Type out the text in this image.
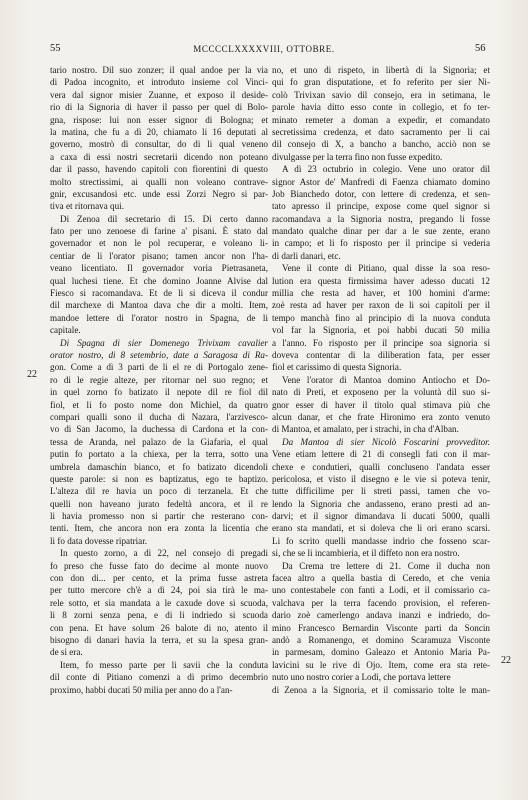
55	MCCCCLXXXXVIII, OTTOBRE.	56
22
22
tario nostro. Dil suo zonzer; il qual andoe per la via
di Padoa incognito, et introduto insieme col Vinci-
vera dal signor misier Zuanne, et exposo il deside-
rio di la Signoria di haver il passo per quel di Bolo-
gna, rispose: lui non esser signor di Bologna; et
la matina, che fu a dì 20, chiamato li 16 deputati al
governo, mostrò di consultar, do di li qual veneno
a caxa di essi nostri secretarii dicendo non poteano
dar il passo, havendo capitoli con fiorentini di questo
molto strectissimi, ai qualli non voleano contrave-
gnir, excusandosi etc. unde essi Zorzi Negro si par-
tiva et ritornava qui.
Di Zenoa dil secretario di 15. Di certo danno
fato per uno zenoese di farine a' pisani. È stato dal
governador et non le pol recuperar, e voleano li-
centiar de li l'orator pisano; tamen ancor non l'ha-
veano licentiato. Il governador voria Pietrasaneta,
qual luchesi tiene. Et che domino Joanne Alvise dal
Fiesco si racomandava. Et de li si diceva il condur
dil marchexe di Mantoa dava che dir a molti. Item,
mandoe lettere di l'orator nostro in Spagna, de li
capitale.
Di Spagna di sier Domenego Trivixam cavalier
orator nostro, di 8 setembrio, date a Saragosa di Ra-
gon. Come a dì 3 parti de li el re di Portogalo zene-
ro di le regie alteze, per ritornar nel suo regno; et
in quel zorno fo batizato il nepote dil re fiol dil
fiol, et li fo posto nome don Michiel, da quatro
compari qualli sono il ducha di Nazara, l'arzivesco-
vo di San Jacomo, la duchessa di Cardona et la con-
tessa de Aranda, nel palazo de la Giafaria, el qual
putin fo portato a la chiexa, per la terra, sotto una
umbrela damaschin bianco, et fo batizato dicendoli
queste parole: si non es baptizatus, ego te baptizo.
L'alteza dil re havia un poco di terzanela. Et che
quelli non haveano jurato fedeltà ancora, et il re
li havia promesso non si partir che resterano con-
tenti. Item, che ancora non era zonta la licentia che
li fo data dovesse ripatriar.
In questo zorno, a dì 22, nel consejo di pregadi
fo preso che fusse fato do decime al monte nuovo
con don di... per cento, et la prima fusse astreta
per tutto mercore ch'è a dì 24, poi sia tirà le ma-
rele sotto, et sia mandata a le caxude dove si scuoda,
li 8 zorni senza pena, e di li indriedo si scuoda
con pena. Et have solum 26 balote di no, atento il
bisogno di danari havia la terra, et su la spesa gran-
de si era.
Item, fo messo parte per li savii che la conduta
dil conte di Pitiano comenzi a dì primo decembrio
proximo, habbi ducati 50 milia per anno do a l'an-
no, et uno di rispeto, in libertà di la Signoria; et
qui fo gran disputatione, et fo referito per sier Ni-
colò Trivixan savio dil consejo, era in setimana, le
parole havia ditto esso conte in collegio, et fo ter-
minato remeter a doman a expedir, et comandato
secretissima credenza, et dato sacramento per li cai
dil consejo di X, a bancho a bancho, acciò non se
divulgasse per la terra fino non fusse expedito.
A dì 23 octubrio in colegio. Vene uno orator dil
signor Astor de' Manfredi di Faenza chiamato domino
Job Bianchedo dotor, con lettere di credenza, et sen-
tato apresso il principe, expose come quel signor si
racomandava a la Signoria nostra, pregando li fosse
mandato qualche dinar per dar a le sue zente, erano
in campo; et li fo risposto per il principe si vederia
di darli danari, etc.
Vene il conte di Pitiano, qual disse la soa reso-
lution era questa firmissima haver adesso ducati 12
millia che resta ad haver, et 100 homini d'arme:
zoè resta ad haver per raxon de li soi capitoli per il
tempo manchà fino al principio di la nuova conduta
vol far la Signoria, et poi habbi ducati 50 milia
a l'anno. Fo risposto per il principe soa signoria si
doveva contentar di la diliberation fata, per esser
fiol et carissimo di questa Signoria.
Vene l'orator di Mantoa domino Antiocho et Do-
nato di Preti, et exposeno per la voluntà dil suo si-
gnor esser di haver il titolo qual stimava più che
alcun danar, et che frate Hironimo era zonto venuto
di Mantoa, et amalato, per i strachi, in cha d'Alban.
Da Mantoa di sier Nicolò Foscarini provveditor.
Vene etiam lettere di 21 di consegli fati con il mar-
chexe e condutieri, qualli concluseno l'andata esser
pericolosa, et visto il disegno e le vie si poteva tenir,
tutte difficilime per li streti passi, tamen che vo-
lendo la Signoria che andasseno, erano presti ad an-
darvi; et il signor dimandava li ducati 5000, qualli
erano sta mandati, et si doleva che li ori erano scarsi.
Li fo scrito quelli mandasse indrio che fosseno scar-
si, che se li incambieria, et il diffeto non era nostro.
Da Crema tre lettere di 21. Come il ducha non
facea altro a quella bastia di Ceredo, et che venia
uno contestabele con fanti a Lodi, et il comissario ca-
valchava per la terra facendo provision, el referen-
dario zoè camerlengo andava inanzi e indriedo, do-
mino Francesco Bernardin Visconte parti da Soncin
andò a Romanengo, et domino Scaramuza Visconte
in parmesam, domino Galeazo et Antonio Maria Pa-
lavicini su le rive di Ojo. Item, come era sta rete-
nuto uno nostro corier a Lodi, che portava lettere
di Zenoa a la Signoria, et il comissario tolte le man-
